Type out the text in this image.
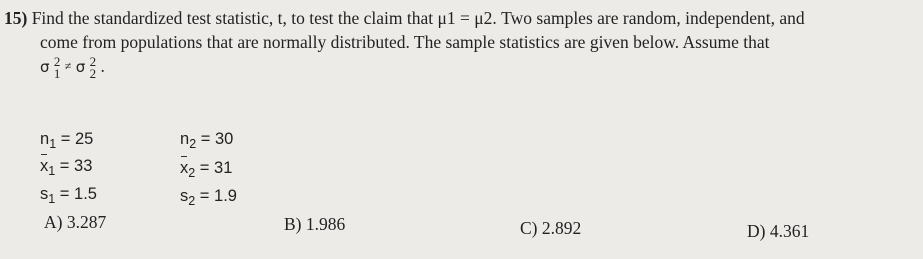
15) Find the standardized test statistic, t, to test the claim that μ1 = μ2. Two samples are random, independent, and
come from populations that are normally distributed. The sample statistics are given below. Assume that
σ 2
1 ≠ σ 2
2 .
$n_1 = 25$	$n_2 = 30$
$x_1 = 33$	$x_2 = 31$
$s_1 = 1.5$	$s_2 = 1.9$
A) 3.287	B) 1.986	C) 2.892	D) 4.361
